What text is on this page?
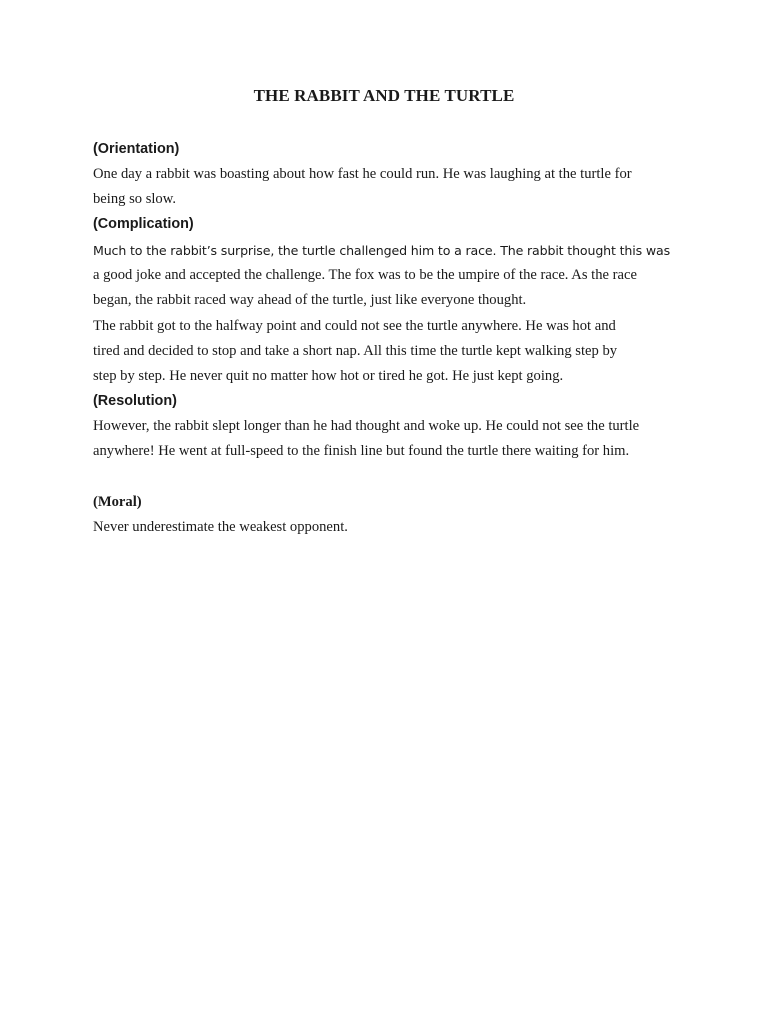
THE RABBIT AND THE TURTLE
(Orientation)
One day a rabbit was boasting about how fast he could run. He was laughing at the turtle for
being so slow.
(Complication)
Much to the rabbit’s surprise, the turtle challenged him to a race. The rabbit thought this was
a good joke and accepted the challenge. The fox was to be the umpire of the race. As the race
began, the rabbit raced way ahead of the turtle, just like everyone thought.
The rabbit got to the halfway point and could not see the turtle anywhere. He was hot and
tired and decided to stop and take a short nap. All this time the turtle kept walking step by
step by step. He never quit no matter how hot or tired he got. He just kept going.
(Resolution)
However, the rabbit slept longer than he had thought and woke up. He could not see the turtle
anywhere! He went at full-speed to the finish line but found the turtle there waiting for him.
(Moral)
Never underestimate the weakest opponent.
